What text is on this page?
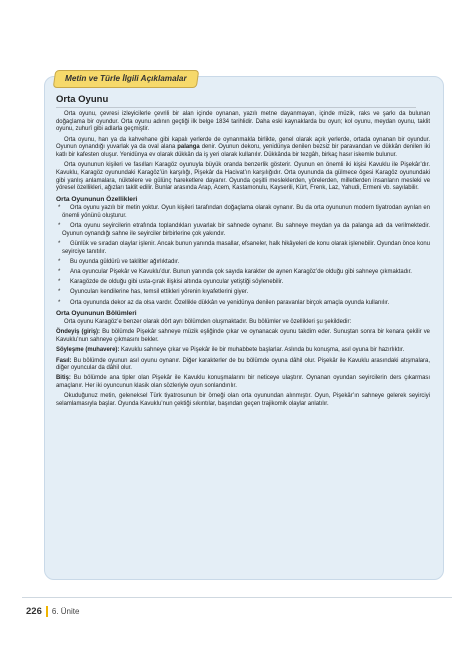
Metin ve Türle İlgili Açıklamalar
Orta Oyunu

Orta oyunu, çevresi izleyicilerle çevrili bir alan içinde oynanan, yazılı metne dayanmayan, içinde müzik, raks ve şarkı da bulunan doğaçlama bir oyundur. Orta oyunu adının geçtiği ilk belge 1834 tarihlidir. Daha eski kaynaklarda bu oyun; kol oyunu, meydan oyunu, taklit oyunu, zuhurî gibi adlarla geçmiştir.

Orta oyunu, han ya da kahvehane gibi kapalı yerlerde de oynanmakla birlikte, genel olarak açık yerlerde, ortada oynanan bir oyundur. Oyunun oynandığı yuvarlak ya da oval alana palanga denir. Oyunun dekoru, yenidünya denilen bezsiz bir paravandan ve dükkân denilen iki katlı bir kafesten oluşur. Yenidünya ev olarak dükkân da iş yeri olarak kullanılır. Dükkânda bir tezgâh, birkaç hasır iskemle bulunur.

Orta oyununun kişileri ve fasılları Karagöz oyunuyla büyük oranda benzerlik gösterir. Oyunun en önemli iki kişisi Kavuklu ile Pişekâr’dır. Kavuklu, Karagöz oyunundaki Karagöz’ün karşılığı, Pişekâr da Hacivat’ın karşılığıdır. Orta oyununda da gülmece ögesi Karagöz oyunundaki gibi yanlış anlamalara, nüktelere ve gülünç hareketlere dayanır. Oyunda çeşitli mesleklerden, yörelerden, milletlerden insanların mesleki ve yöresel özellikleri, ağızları taklit edilir. Bunlar arasında Arap, Acem, Kastamonulu, Kayserili, Kürt, Frenk, Laz, Yahudi, Ermeni vb. sayılabilir.

Orta Oyununun Özellikleri

* Orta oyunu yazılı bir metin yoktur. Oyun kişileri tarafından doğaçlama olarak oynanır. Bu da orta oyununun modern tiyatrodan ayrılan en önemli yönünü oluşturur.

* Orta oyunu seyircilerin etrafında toplandıkları yuvarlak bir sahnede oynanır. Bu sahneye meydan ya da palanga adı da verilmektedir. Oyunun oynandığı sahne ile seyirciler birbirlerine çok yakındır.

* Günlük ve sıradan olaylar işlenir. Ancak bunun yanında masallar, efsaneler, halk hikâyeleri de konu olarak işlenebilir. Oyundan önce konu seyirciye tanıtılır.

* Bu oyunda güldürü ve taklitler ağırlıktadır.

* Ana oyuncular Pişekâr ve Kavuklu’dur. Bunun yanında çok sayıda karakter de aynen Karagöz’de olduğu gibi sahneye çıkmaktadır.

* Karagözde de olduğu gibi usta-çırak ilişkisi altında oyuncular yetiştiği söylenebilir.

* Oyuncuları kendilerine has, temsil ettikleri yörenin kıyafetlerini giyer.

* Orta oyununda dekor az da olsa vardır. Özellikle dükkân ve yenidünya denilen paravanlar birçok amaçla oyunda kullanılır.

Orta Oyununun Bölümleri

Orta oyunu Karagöz’e benzer olarak dört ayrı bölümden oluşmaktadır. Bu bölümler ve özellikleri şu şekildedir:

Öndeyiş (giriş): Bu bölümde Pişekâr sahneye müzik eşliğinde çıkar ve oynanacak oyunu takdim eder. Sunuştan sonra bir kenara çekilir ve Kavuklu’nun sahneye çıkmasını bekler.

Söyleşme (muhavere): Kavuklu sahneye çıkar ve Pişekâr ile bir muhabbete başlarlar. Aslında bu konuşma, asıl oyuna bir hazırlıktır.

Fasıl: Bu bölümde oyunun asıl oyunu oynanır. Diğer karakterler de bu bölümde oyuna dâhil olur. Pişekâr ile Kavuklu arasındaki atışmalara, diğer oyuncular da dâhil olur.

Bitiş: Bu bölümde ana tipler olan Pişekâr ile Kavuklu konuşmalarını bir neticeye ulaştırır. Oynanan oyundan seyircilerin ders çıkarması amaçlanır. Her iki oyuncunun klasik olan sözleriyle oyun sonlandırılır.

Okuduğunuz metin, geleneksel Türk tiyatrosunun bir örneği olan orta oyunundan alınmıştır. Oyun, Pişekâr’ın sahneye gelerek seyirciyi selamlamasıyla başlar. Oyunda Kavuklu’nun çektiği sıkıntılar, başından geçen trajikomik olaylar anlatılır.

226	6. Ünite
